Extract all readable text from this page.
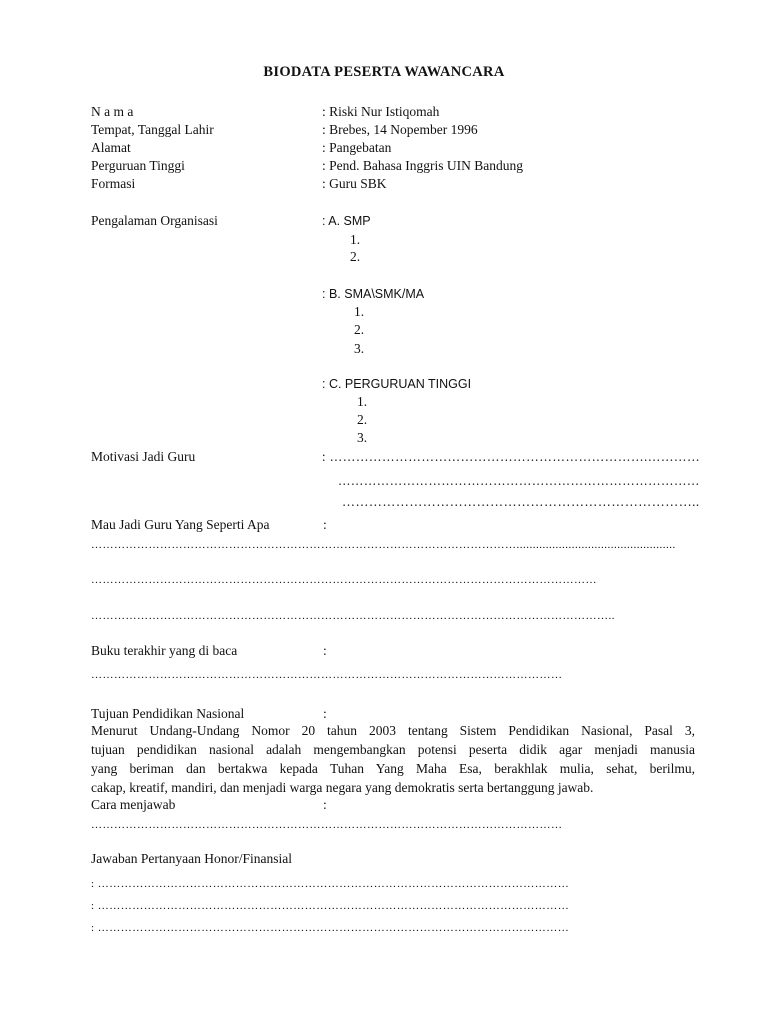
BIODATA PESERTA WAWANCARA
N a m a	: Riski Nur Istiqomah
Tempat, Tanggal Lahir	: Brebes, 14 Nopember 1996
Alamat	: Pangebatan
Perguruan Tinggi	: Pend. Bahasa Inggris UIN Bandung
Formasi	: Guru SBK
Pengalaman Organisasi	: A. SMP
1.
2.
: B. SMA\SMK/MA
1.
2.
3.
: C. PERGURUAN TINGGI
1.
2.
3.
Motivasi Jadi Guru	: ……………………………………………………………….…………
…………………………………………………………………………
……………………………………………………………………..
Mau Jadi Guru Yang Seperti Apa	:
………………………………………………………………………………………………….................................................
……………………………………………………………………………………………………………………
………………………………………………………………………………………………………………………..
Buku terakhir yang di baca	:
……………………………………………………………………………………………………………
Tujuan Pendidikan Nasional	:
Menurut Undang-Undang Nomor 20 tahun 2003 tentang Sistem Pendidikan Nasional, Pasal 3,
tujuan pendidikan nasional adalah mengembangkan potensi peserta didik agar menjadi manusia
yang beriman dan bertakwa kepada Tuhan Yang Maha Esa, berakhlak mulia, sehat, berilmu,
cakap, kreatif, mandiri, dan menjadi warga negara yang demokratis serta bertanggung jawab.
Cara menjawab	:
……………………………………………………………………………………………………………
Jawaban Pertanyaan Honor/Finansial
: ……………………………………………………………………………………………………………
: ……………………………………………………………………………………………………………
: ……………………………………………………………………………………………………………
